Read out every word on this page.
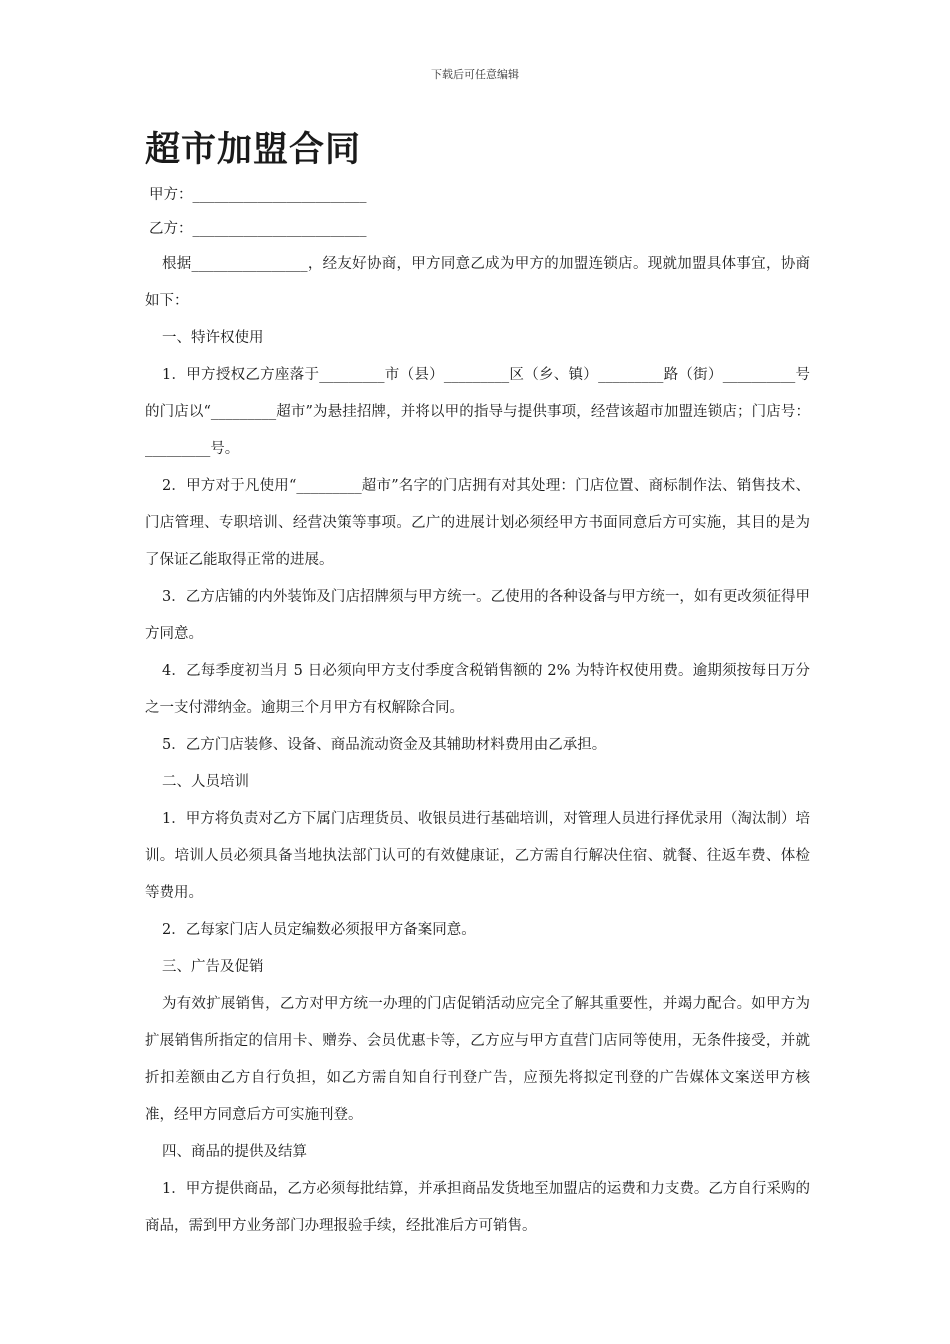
下载后可任意编辑
超市加盟合同
甲方：________________________
乙方：________________________

根据________________，经友好协商，甲方同意乙成为甲方的加盟连锁店。现就加盟具体事宜，协商如下：

一、特许权使用

1．甲方授权乙方座落于_________市（县）_________区（乡、镇）_________路（街）__________号的门店以“_________超市”为悬挂招牌，并将以甲的指导与提供事项，经营该超市加盟连锁店；门店号：_________号。

2．甲方对于凡使用“_________超市”名字的门店拥有对其处理：门店位置、商标制作法、销售技术、门店管理、专职培训、经营决策等事项。乙广的进展计划必须经甲方书面同意后方可实施，其目的是为了保证乙能取得正常的进展。

3．乙方店铺的内外装饰及门店招牌须与甲方统一。乙使用的各种设备与甲方统一，如有更改须征得甲方同意。

4．乙每季度初当月 5 日必须向甲方支付季度含税销售额的 2% 为特许权使用费。逾期须按每日万分之一支付滞纳金。逾期三个月甲方有权解除合同。

5．乙方门店装修、设备、商品流动资金及其辅助材料费用由乙承担。

二、人员培训

1．甲方将负责对乙方下属门店理货员、收银员进行基础培训，对管理人员进行择优录用（淘汰制）培训。培训人员必须具备当地执法部门认可的有效健康证，乙方需自行解决住宿、就餐、往返车费、体检等费用。

2．乙每家门店人员定编数必须报甲方备案同意。

三、广告及促销

为有效扩展销售，乙方对甲方统一办理的门店促销活动应完全了解其重要性，并竭力配合。如甲方为扩展销售所指定的信用卡、赠券、会员优惠卡等，乙方应与甲方直营门店同等使用，无条件接受，并就折扣差额由乙方自行负担，如乙方需自知自行刊登广告，应预先将拟定刊登的广告媒体文案送甲方核准，经甲方同意后方可实施刊登。

四、商品的提供及结算

1．甲方提供商品，乙方必须每批结算，并承担商品发货地至加盟店的运费和力支费。乙方自行采购的商品，需到甲方业务部门办理报验手续，经批准后方可销售。
